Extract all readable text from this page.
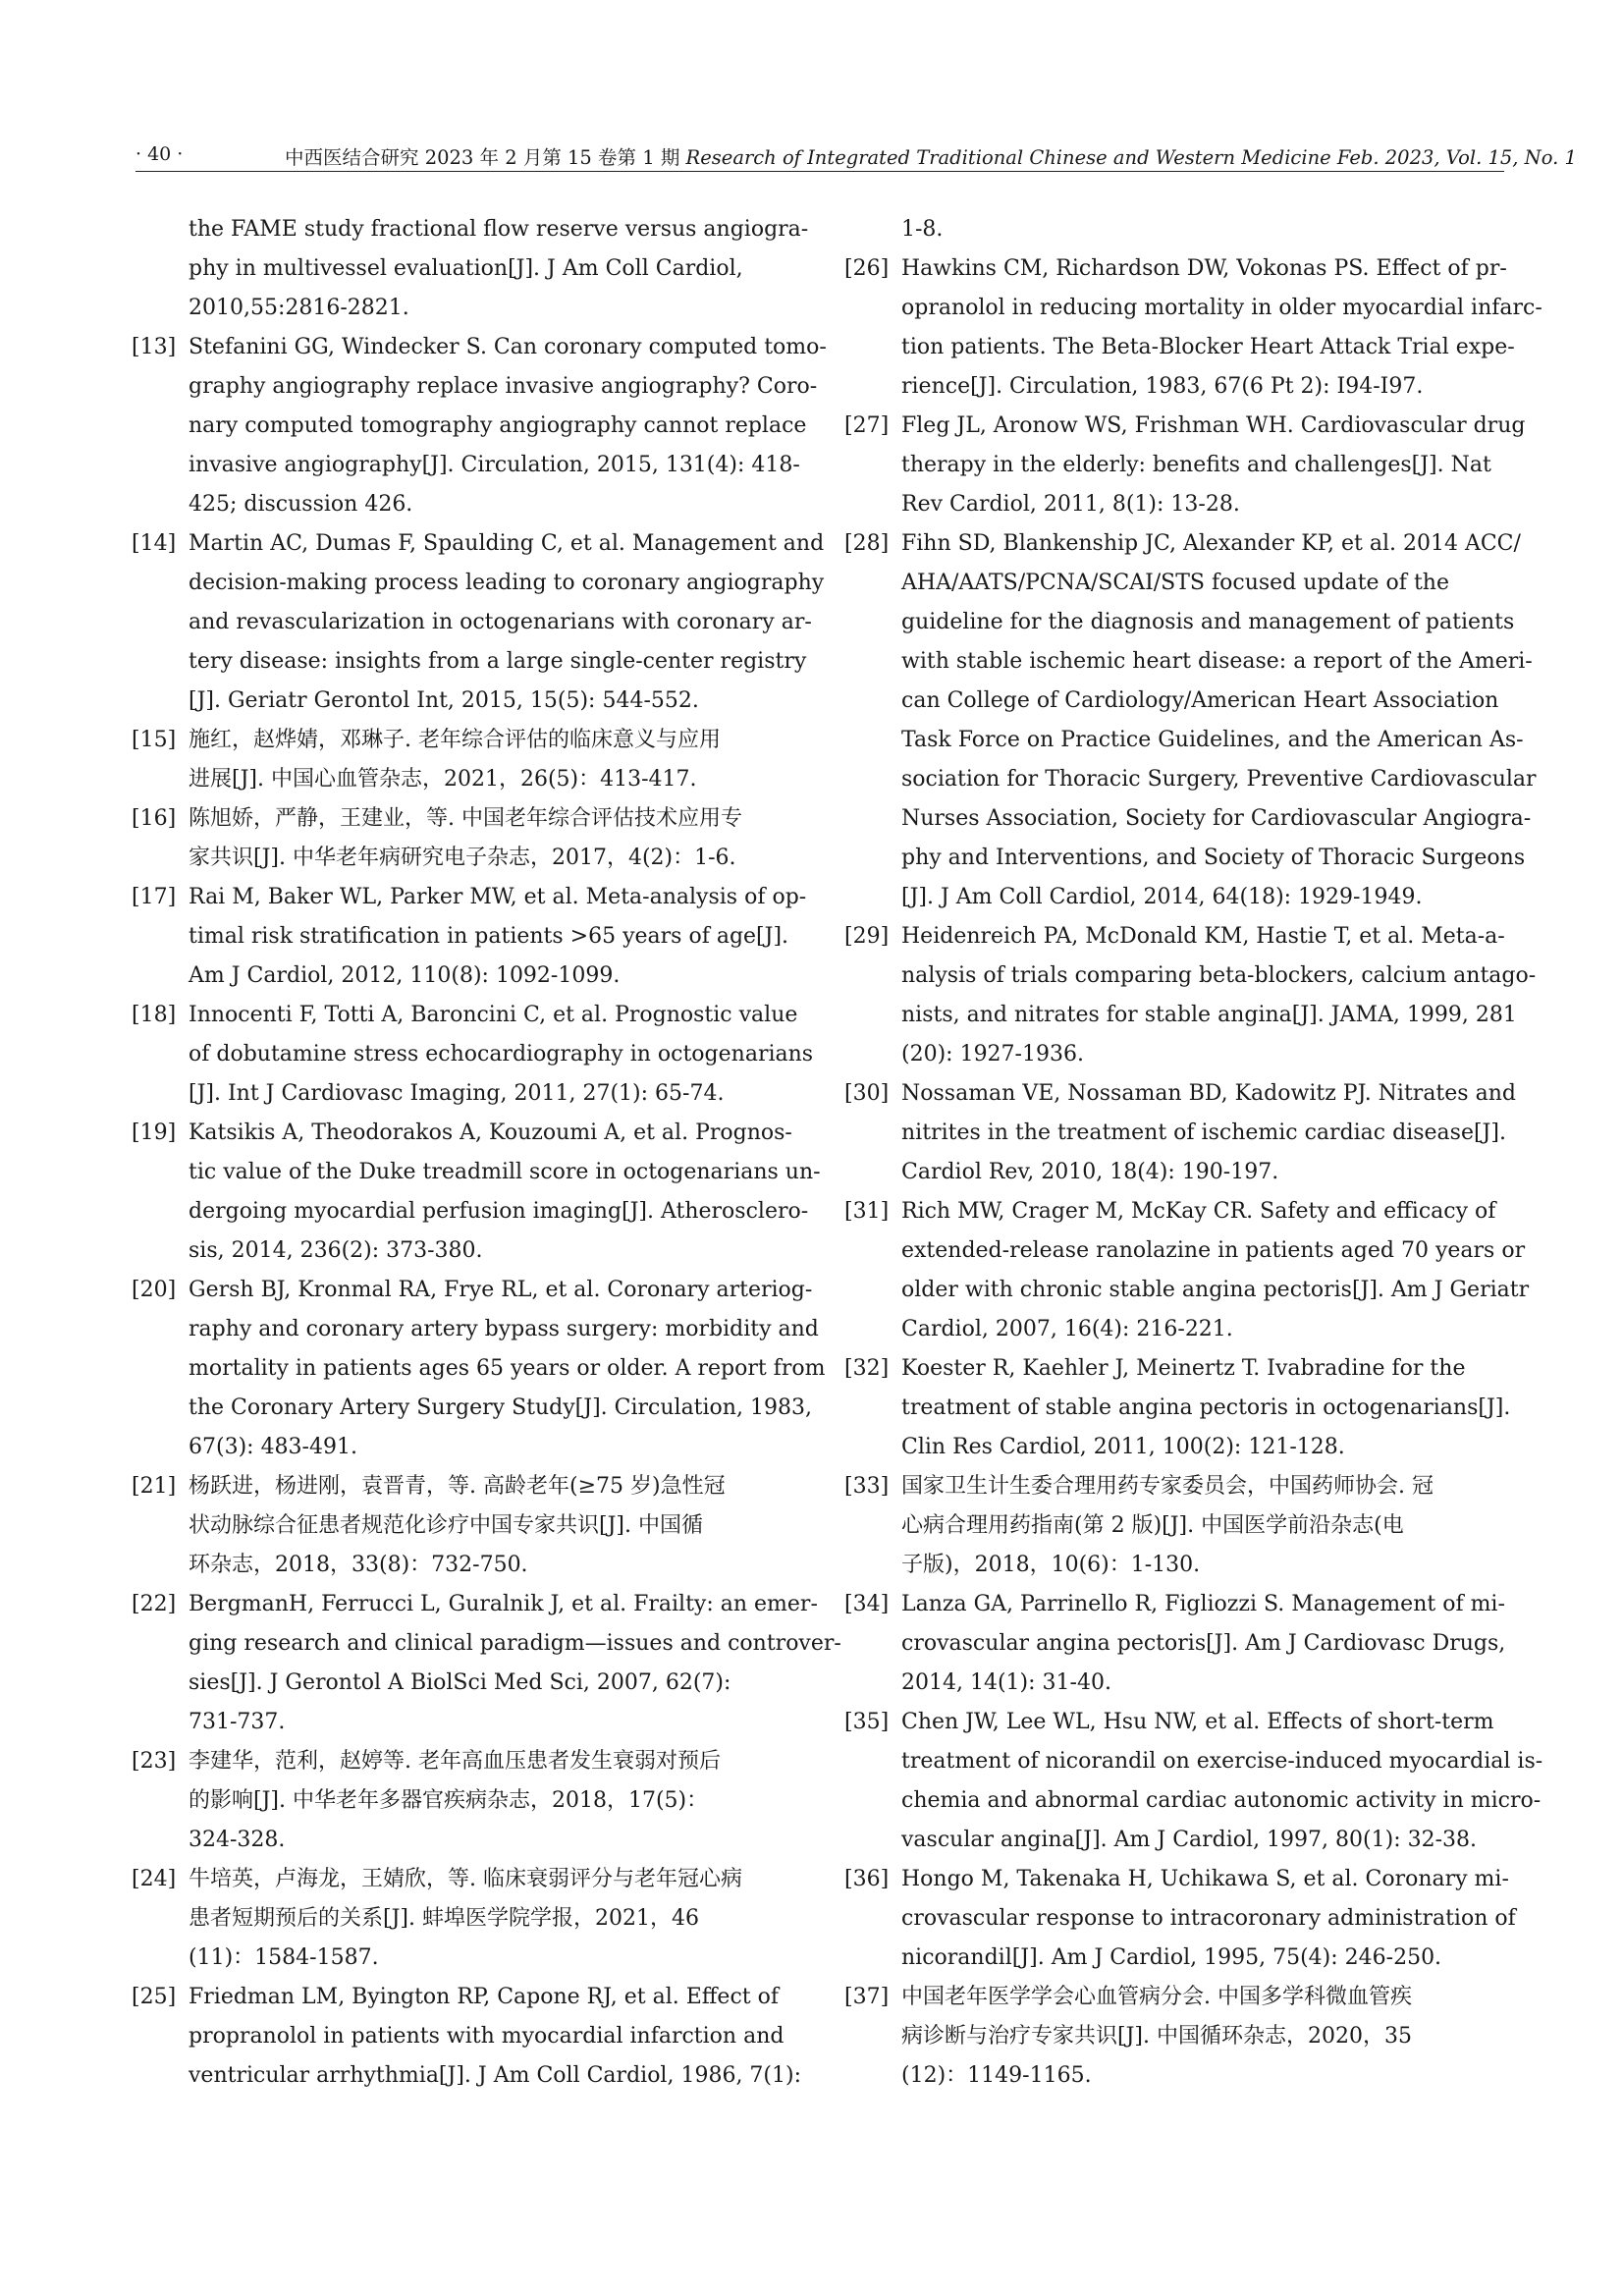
· 40 ·	中西医结合研究 2023 年 2 月第 15 卷第 1 期 Research of Integrated Traditional Chinese and Western Medicine Feb. 2023, Vol. 15, No. 1
the FAME study fractional flow reserve versus angiogra-
phy in multivessel evaluation[J]. J Am Coll Cardiol,
2010,55:2816-2821.
[13] Stefanini GG, Windecker S. Can coronary computed tomo-
graphy angiography replace invasive angiography? Coro-
nary computed tomography angiography cannot replace
invasive angiography[J]. Circulation, 2015, 131(4): 418-
425; discussion 426.
[14] Martin AC, Dumas F, Spaulding C, et al. Management and
decision-making process leading to coronary angiography
and revascularization in octogenarians with coronary ar-
tery disease: insights from a large single-center registry
[J]. Geriatr Gerontol Int, 2015, 15(5): 544-552.
[15] 施红，赵烨婧，邓琳子. 老年综合评估的临床意义与应用
进展[J]. 中国心血管杂志，2021，26(5)：413-417.
[16] 陈旭娇，严静，王建业，等. 中国老年综合评估技术应用专
家共识[J]. 中华老年病研究电子杂志，2017，4(2)：1-6.
[17] Rai M, Baker WL, Parker MW, et al. Meta-analysis of op-
timal risk stratification in patients >65 years of age[J].
Am J Cardiol, 2012, 110(8): 1092-1099.
[18] Innocenti F, Totti A, Baroncini C, et al. Prognostic value
of dobutamine stress echocardiography in octogenarians
[J]. Int J Cardiovasc Imaging, 2011, 27(1): 65-74.
[19] Katsikis A, Theodorakos A, Kouzoumi A, et al. Prognos-
tic value of the Duke treadmill score in octogenarians un-
dergoing myocardial perfusion imaging[J]. Atherosclero-
sis, 2014, 236(2): 373-380.
[20] Gersh BJ, Kronmal RA, Frye RL, et al. Coronary arteriog-
raphy and coronary artery bypass surgery: morbidity and
mortality in patients ages 65 years or older. A report from
the Coronary Artery Surgery Study[J]. Circulation, 1983,
67(3): 483-491.
[21] 杨跃进，杨进刚，袁晋青，等. 高龄老年(≥75 岁)急性冠
状动脉综合征患者规范化诊疗中国专家共识[J]. 中国循
环杂志，2018，33(8)：732-750.
[22] BergmanH, Ferrucci L, Guralnik J, et al. Frailty: an emer-
ging research and clinical paradigm—issues and controver-
sies[J]. J Gerontol A BiolSci Med Sci, 2007, 62(7):
731-737.
[23] 李建华，范利，赵婷等. 老年高血压患者发生衰弱对预后
的影响[J]. 中华老年多器官疾病杂志，2018，17(5)：
324-328.
[24] 牛培英，卢海龙，王婧欣，等. 临床衰弱评分与老年冠心病
患者短期预后的关系[J]. 蚌埠医学院学报，2021，46
(11)：1584-1587.
[25] Friedman LM, Byington RP, Capone RJ, et al. Effect of
propranolol in patients with myocardial infarction and
ventricular arrhythmia[J]. J Am Coll Cardiol, 1986, 7(1):
1-8.
[26] Hawkins CM, Richardson DW, Vokonas PS. Effect of pr-
opranolol in reducing mortality in older myocardial infarc-
tion patients. The Beta-Blocker Heart Attack Trial expe-
rience[J]. Circulation, 1983, 67(6 Pt 2): I94-I97.
[27] Fleg JL, Aronow WS, Frishman WH. Cardiovascular drug
therapy in the elderly: benefits and challenges[J]. Nat
Rev Cardiol, 2011, 8(1): 13-28.
[28] Fihn SD, Blankenship JC, Alexander KP, et al. 2014 ACC/
AHA/AATS/PCNA/SCAI/STS focused update of the
guideline for the diagnosis and management of patients
with stable ischemic heart disease: a report of the Ameri-
can College of Cardiology/American Heart Association
Task Force on Practice Guidelines, and the American As-
sociation for Thoracic Surgery, Preventive Cardiovascular
Nurses Association, Society for Cardiovascular Angiogra-
phy and Interventions, and Society of Thoracic Surgeons
[J]. J Am Coll Cardiol, 2014, 64(18): 1929-1949.
[29] Heidenreich PA, McDonald KM, Hastie T, et al. Meta-a-
nalysis of trials comparing beta-blockers, calcium antago-
nists, and nitrates for stable angina[J]. JAMA, 1999, 281
(20): 1927-1936.
[30] Nossaman VE, Nossaman BD, Kadowitz PJ. Nitrates and
nitrites in the treatment of ischemic cardiac disease[J].
Cardiol Rev, 2010, 18(4): 190-197.
[31] Rich MW, Crager M, McKay CR. Safety and efficacy of
extended-release ranolazine in patients aged 70 years or
older with chronic stable angina pectoris[J]. Am J Geriatr
Cardiol, 2007, 16(4): 216-221.
[32] Koester R, Kaehler J, Meinertz T. Ivabradine for the
treatment of stable angina pectoris in octogenarians[J].
Clin Res Cardiol, 2011, 100(2): 121-128.
[33] 国家卫生计生委合理用药专家委员会，中国药师协会. 冠
心病合理用药指南(第 2 版)[J]. 中国医学前沿杂志(电
子版)，2018，10(6)：1-130.
[34] Lanza GA, Parrinello R, Figliozzi S. Management of mi-
crovascular angina pectoris[J]. Am J Cardiovasc Drugs,
2014, 14(1): 31-40.
[35] Chen JW, Lee WL, Hsu NW, et al. Effects of short-term
treatment of nicorandil on exercise-induced myocardial is-
chemia and abnormal cardiac autonomic activity in micro-
vascular angina[J]. Am J Cardiol, 1997, 80(1): 32-38.
[36] Hongo M, Takenaka H, Uchikawa S, et al. Coronary mi-
crovascular response to intracoronary administration of
nicorandil[J]. Am J Cardiol, 1995, 75(4): 246-250.
[37] 中国老年医学学会心血管病分会. 中国多学科微血管疾
病诊断与治疗专家共识[J]. 中国循环杂志，2020，35
(12)：1149-1165.
